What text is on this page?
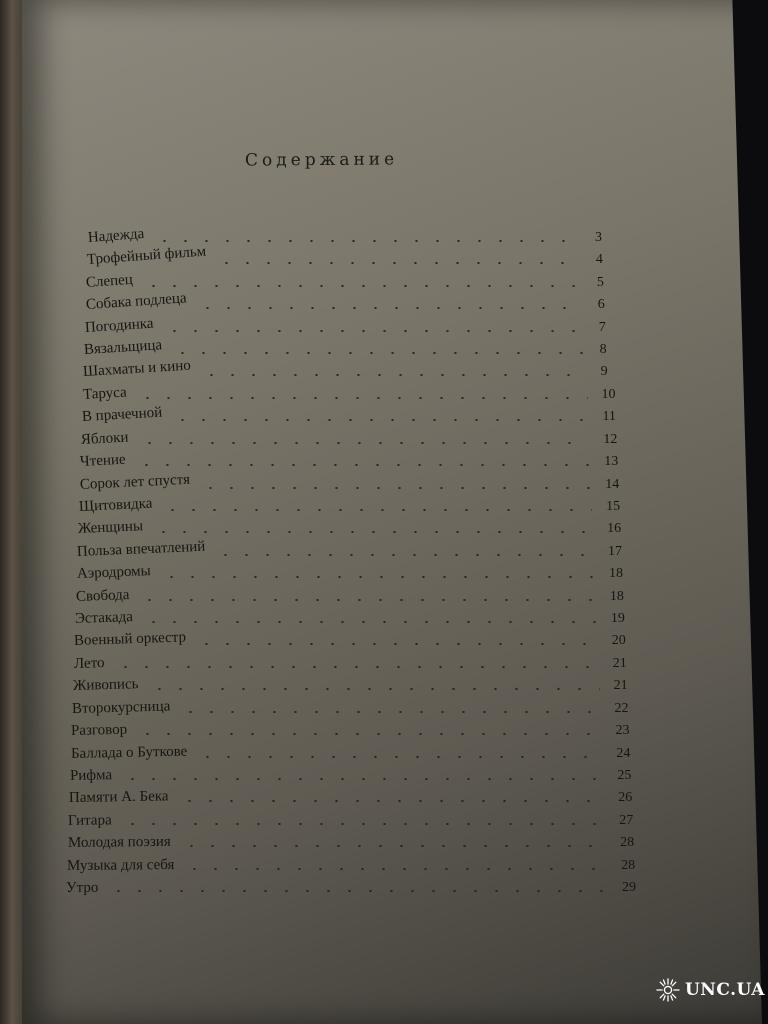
Содержание
Надежда	3
Трофейный фильм	4
Слепец	5
Собака подлеца	6
Погодинка	7
Вязальщица	8
Шахматы и кино	9
Таруса	10
В прачечной	11
Яблоки	12
Чтение	13
Сорок лет спустя	14
Щитовидка	15
Женщины	16
Польза впечатлений	17
Аэродромы	18
Свобода	18
Эстакада	19
Военный оркестр	20
Лето	21
Живопись	21
Второкурсница	22
Разговор	23
Баллада о Буткове	24
Рифма	25
Памяти А. Бека	26
Гитара	27
Молодая поэзия	28
Музыка для себя	28
Утро	29
UNC.UA
